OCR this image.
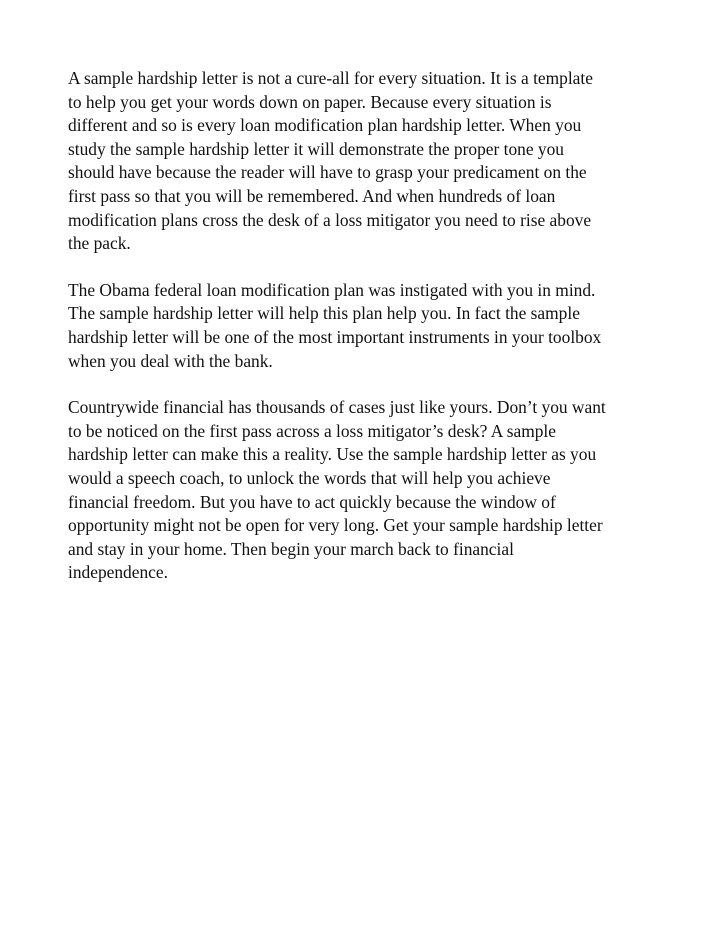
A sample hardship letter is not a cure-all for every situation. It is a template
to help you get your words down on paper. Because every situation is
different and so is every loan modification plan hardship letter. When you
study the sample hardship letter it will demonstrate the proper tone you
should have because the reader will have to grasp your predicament on the
first pass so that you will be remembered. And when hundreds of loan
modification plans cross the desk of a loss mitigator you need to rise above
the pack.

The Obama federal loan modification plan was instigated with you in mind.
The sample hardship letter will help this plan help you. In fact the sample
hardship letter will be one of the most important instruments in your toolbox
when you deal with the bank.

Countrywide financial has thousands of cases just like yours. Don’t you want
to be noticed on the first pass across a loss mitigator’s desk? A sample
hardship letter can make this a reality. Use the sample hardship letter as you
would a speech coach, to unlock the words that will help you achieve
financial freedom. But you have to act quickly because the window of
opportunity might not be open for very long. Get your sample hardship letter
and stay in your home. Then begin your march back to financial
independence.
